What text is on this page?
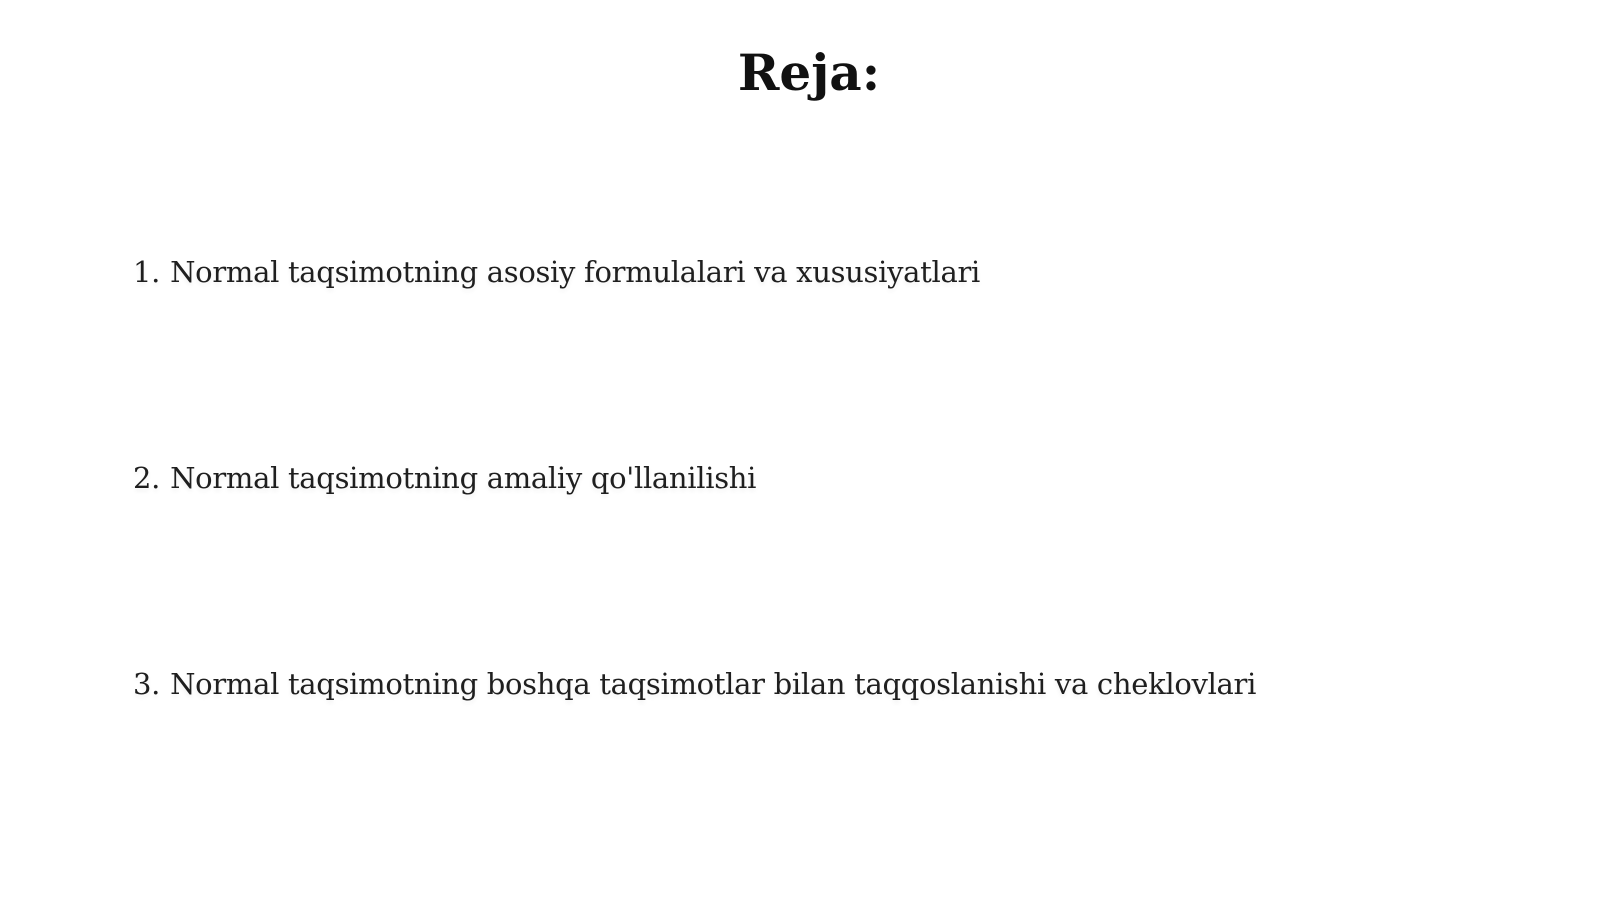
Reja:
1. Normal taqsimotning asosiy formulalari va xususiyatlari
2. Normal taqsimotning amaliy qo'llanilishi
3. Normal taqsimotning boshqa taqsimotlar bilan taqqoslanishi va cheklovlari
